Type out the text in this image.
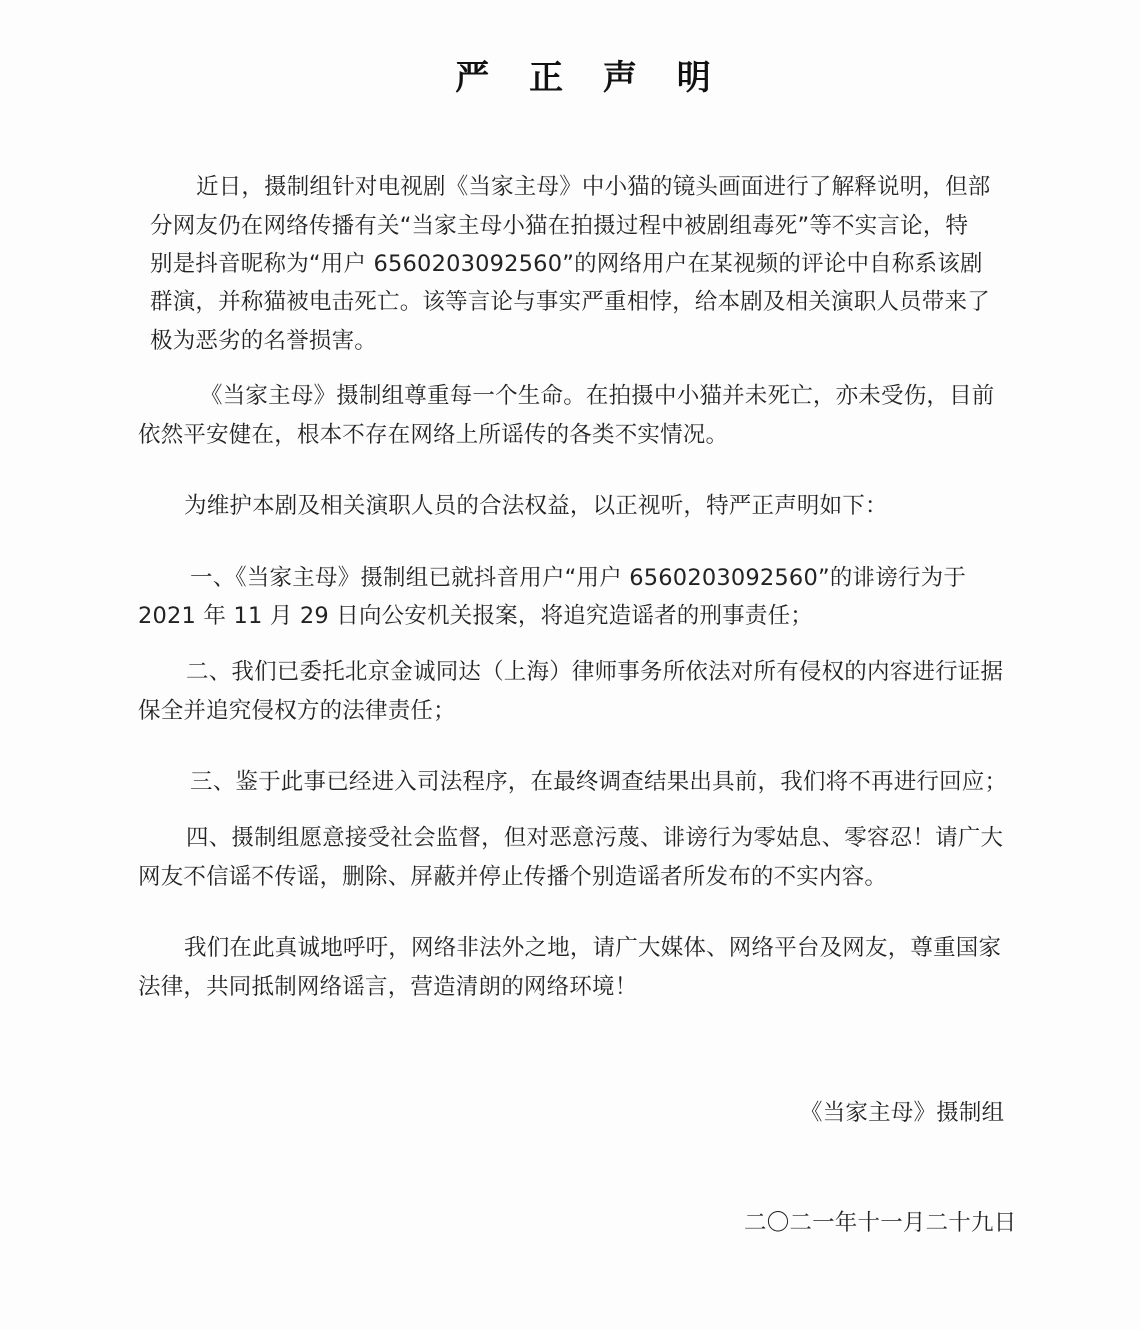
严 正 声 明
近日，摄制组针对电视剧《当家主母》中小猫的镜头画面进行了解释说明，但部
分网友仍在网络传播有关“当家主母小猫在拍摄过程中被剧组毒死”等不实言论，特
别是抖音昵称为“用户 6560203092560”的网络用户在某视频的评论中自称系该剧
群演，并称猫被电击死亡。该等言论与事实严重相悖，给本剧及相关演职人员带来了
极为恶劣的名誉损害。
《当家主母》摄制组尊重每一个生命。在拍摄中小猫并未死亡，亦未受伤，目前
依然平安健在，根本不存在网络上所谣传的各类不实情况。
为维护本剧及相关演职人员的合法权益，以正视听，特严正声明如下：
一、《当家主母》摄制组已就抖音用户“用户 6560203092560”的诽谤行为于
2021 年 11 月 29 日向公安机关报案，将追究造谣者的刑事责任；
二、我们已委托北京金诚同达（上海）律师事务所依法对所有侵权的内容进行证据
保全并追究侵权方的法律责任；
三、鉴于此事已经进入司法程序，在最终调查结果出具前，我们将不再进行回应；
四、摄制组愿意接受社会监督，但对恶意污蔑、诽谤行为零姑息、零容忍！请广大
网友不信谣不传谣，删除、屏蔽并停止传播个别造谣者所发布的不实内容。
我们在此真诚地呼吁，网络非法外之地，请广大媒体、网络平台及网友，尊重国家
法律，共同抵制网络谣言，营造清朗的网络环境！
《当家主母》摄制组
二〇二一年十一月二十九日
